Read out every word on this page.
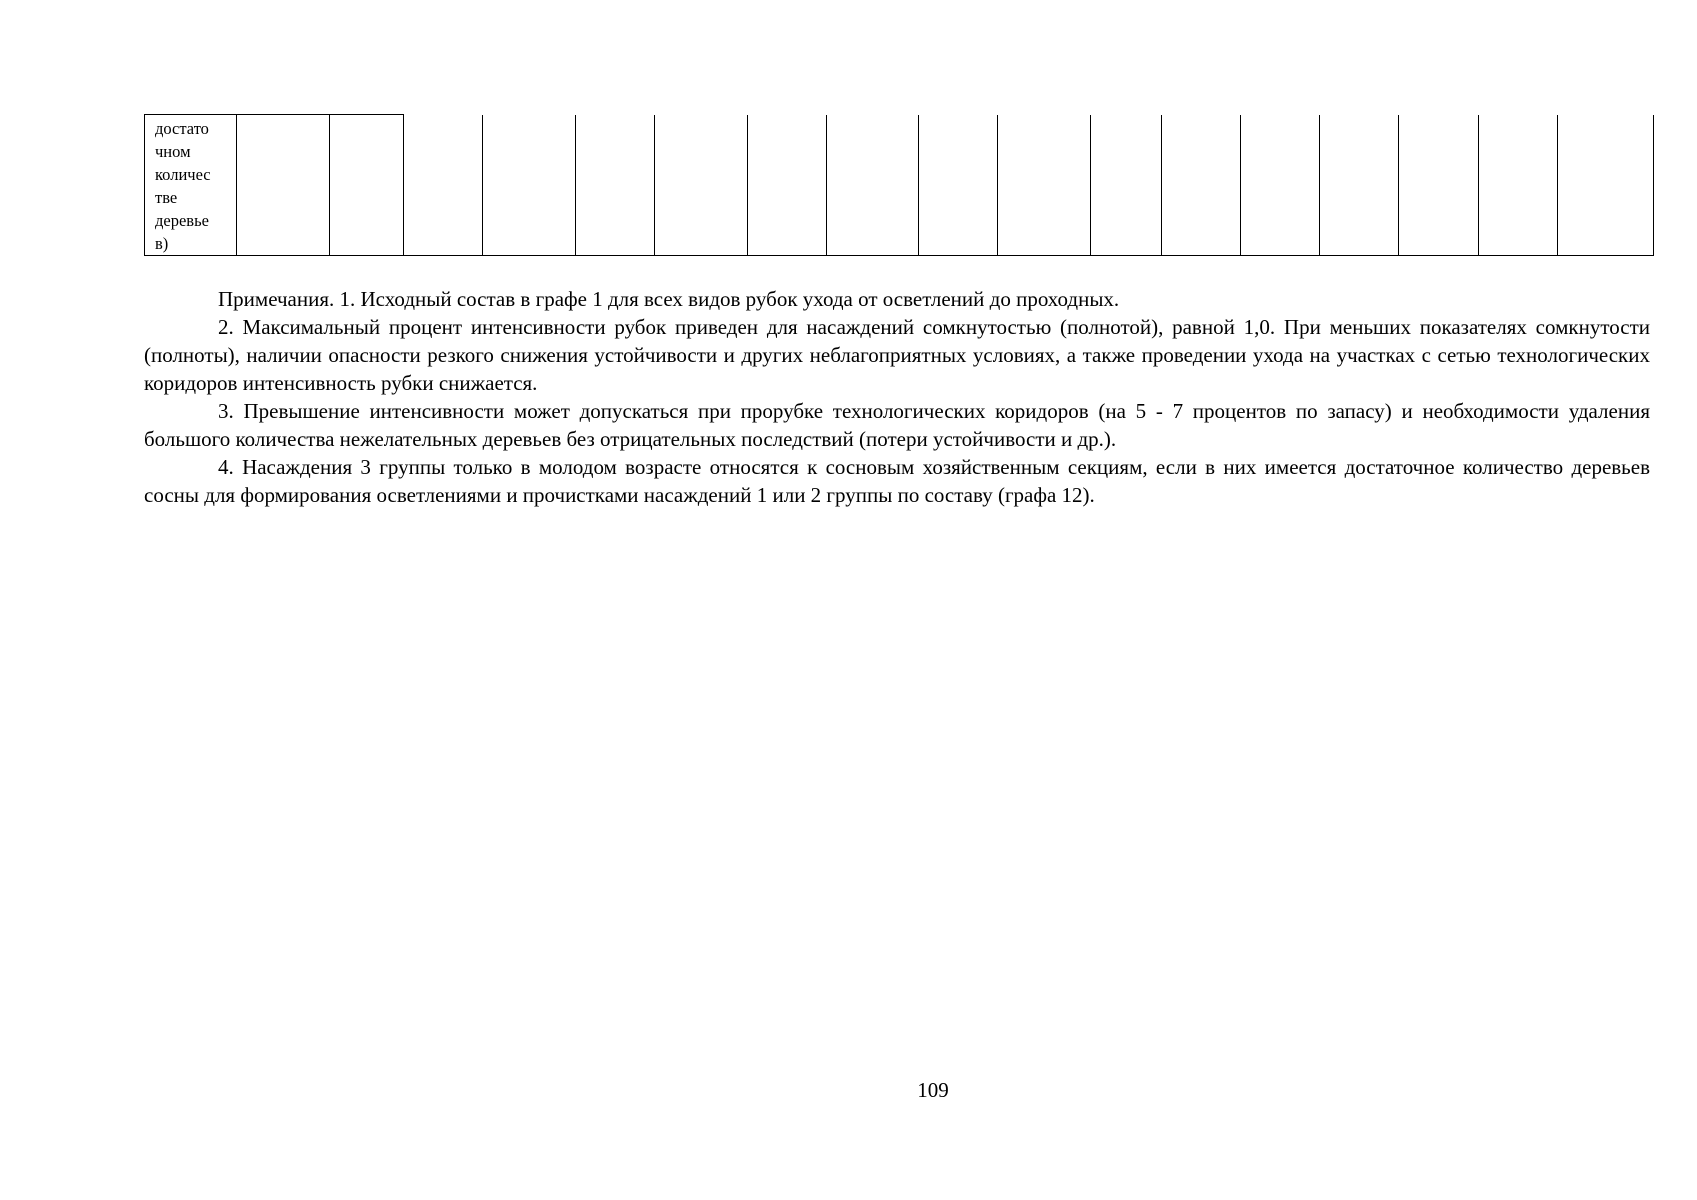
достато
чном
количес
тве
деревье
в)

Примечания. 1. Исходный состав в графе 1 для всех видов рубок ухода от осветлений до проходных.

2. Максимальный процент интенсивности рубок приведен для насаждений сомкнутостью (полнотой), равной 1,0. При меньших показателях сомкнутости (полноты), наличии опасности резкого снижения устойчивости и других неблагоприятных условиях, а также проведении ухода на участках с сетью технологических коридоров интенсивность рубки снижается.

3. Превышение интенсивности может допускаться при прорубке технологических коридоров (на 5 - 7 процентов по запасу) и необходимости удаления большого количества нежелательных деревьев без отрицательных последствий (потери устойчивости и др.).

4. Насаждения 3 группы только в молодом возрасте относятся к сосновым хозяйственным секциям, если в них имеется достаточное количество деревьев сосны для формирования осветлениями и прочистками насаждений 1 или 2 группы по составу (графа 12).

109
